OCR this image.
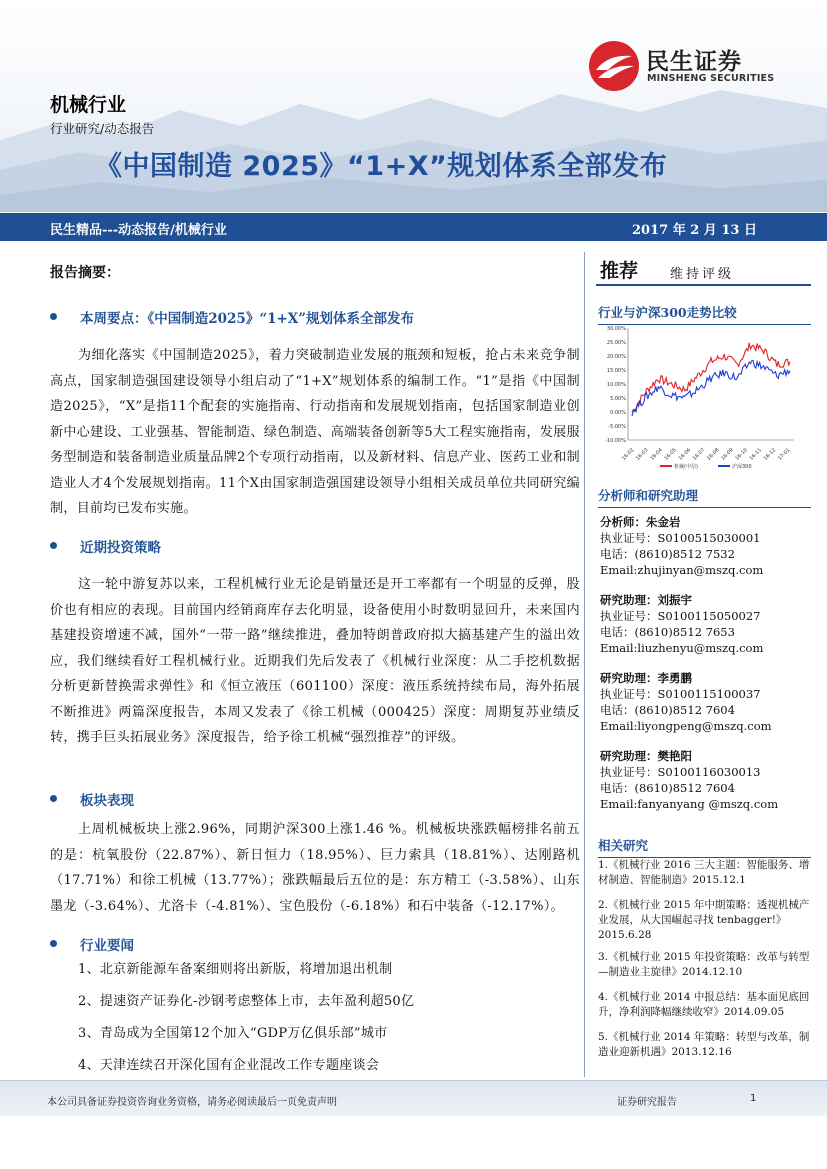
民生证券
MINSHENG SECURITIES
机械行业
行业研究/动态报告
《中国制造 2025》“1+X”规划体系全部发布
民生精品---动态报告/机械行业	2017 年 2 月 13 日
报告摘要：
本周要点：《中国制造2025》“1+X”规划体系全部发布

为细化落实《中国制造2025》，着力突破制造业发展的瓶颈和短板，抢占未来竞争制高点，国家制造强国建设领导小组启动了“1+X”规划体系的编制工作。“1”是指《中国制造2025》，“X”是指11个配套的实施指南、行动指南和发展规划指南，包括国家制造业创新中心建设、工业强基、智能制造、绿色制造、高端装备创新等5大工程实施指南，发展服务型制造和装备制造业质量品牌2个专项行动指南，以及新材料、信息产业、医药工业和制造业人才4个发展规划指南。11个X由国家制造强国建设领导小组相关成员单位共同研究编制，目前均已发布实施。

近期投资策略

这一轮中游复苏以来，工程机械行业无论是销量还是开工率都有一个明显的反弹，股价也有相应的表现。目前国内经销商库存去化明显，设备使用小时数明显回升，未来国内基建投资增速不减，国外“一带一路”继续推进，叠加特朗普政府拟大搞基建产生的溢出效应，我们继续看好工程机械行业。近期我们先后发表了《机械行业深度：从二手挖机数据分析更新替换需求弹性》和《恒立液压（601100）深度：液压系统持续布局，海外拓展不断推进》两篇深度报告，本周又发表了《徐工机械（000425）深度：周期复苏业绩反转，携手巨头拓展业务》深度报告，给予徐工机械“强烈推荐”的评级。

板块表现

上周机械板块上涨2.96%，同期沪深300上涨1.46 %。机械板块涨跌幅榜排名前五的是：杭氧股份（22.87%）、新日恒力（18.95%）、巨力索具（18.81%）、达刚路机（17.71%）和徐工机械（13.77%）；涨跌幅最后五位的是：东方精工（-3.58%）、山东墨龙（-3.64%）、尤洛卡（-4.81%）、宝色股份（-6.18%）和石中装备（-12.17%）。

行业要闻
1、北京新能源车备案细则将出新版，将增加退出机制
2、提速资产证券化-沙钢考虑整体上市，去年盈利超50亿
3、青岛成为全国第12个加入“GDP万亿俱乐部”城市
4、天津连续召开深化国有企业混改工作专题座谈会
推荐 维持评级
行业与沪深300走势比较
30.00%
25.00%
20.00%
15.00%
10.00%
5.00%
0.00%
-5.00%
-10.00%
16-02 16-03 16-04 16-05 16-06 16-07 16-08 16-09 16-10 16-11 16-12 17-01
机械(中信)	沪深300
分析师和研究助理
分析师：朱金岩
执业证号：S0100515030001
电话：(8610)8512 7532
Email:zhujinyan@mszq.com
研究助理：刘振宇
执业证号：S0100115050027
电话：(8610)8512 7653
Email:liuzhenyu@mszq.com
研究助理：李勇鹏
执业证号：S0100115100037
电话：(8610)8512 7604
Email:liyongpeng@mszq.com
研究助理：樊艳阳
执业证号：S0100116030013
电话：(8610)8512 7604
Email:fanyanyang @mszq.com
相关研究
1.《机械行业 2016 三大主题：智能服务、增材制造、智能制造》2015.12.1
2.《机械行业 2015 年中期策略：透视机械产业发展，从大国崛起寻找 tenbagger!》2015.6.28
3.《机械行业 2015 年投资策略：改革与转型—制造业主旋律》2014.12.10
4.《机械行业 2014 中报总结：基本面见底回升，净利润降幅继续收窄》2014.09.05
5.《机械行业 2014 年策略：转型与改革，制造业迎新机遇》2013.12.16
本公司具备证券投资咨询业务资格，请务必阅读最后一页免责声明	证券研究报告	1
